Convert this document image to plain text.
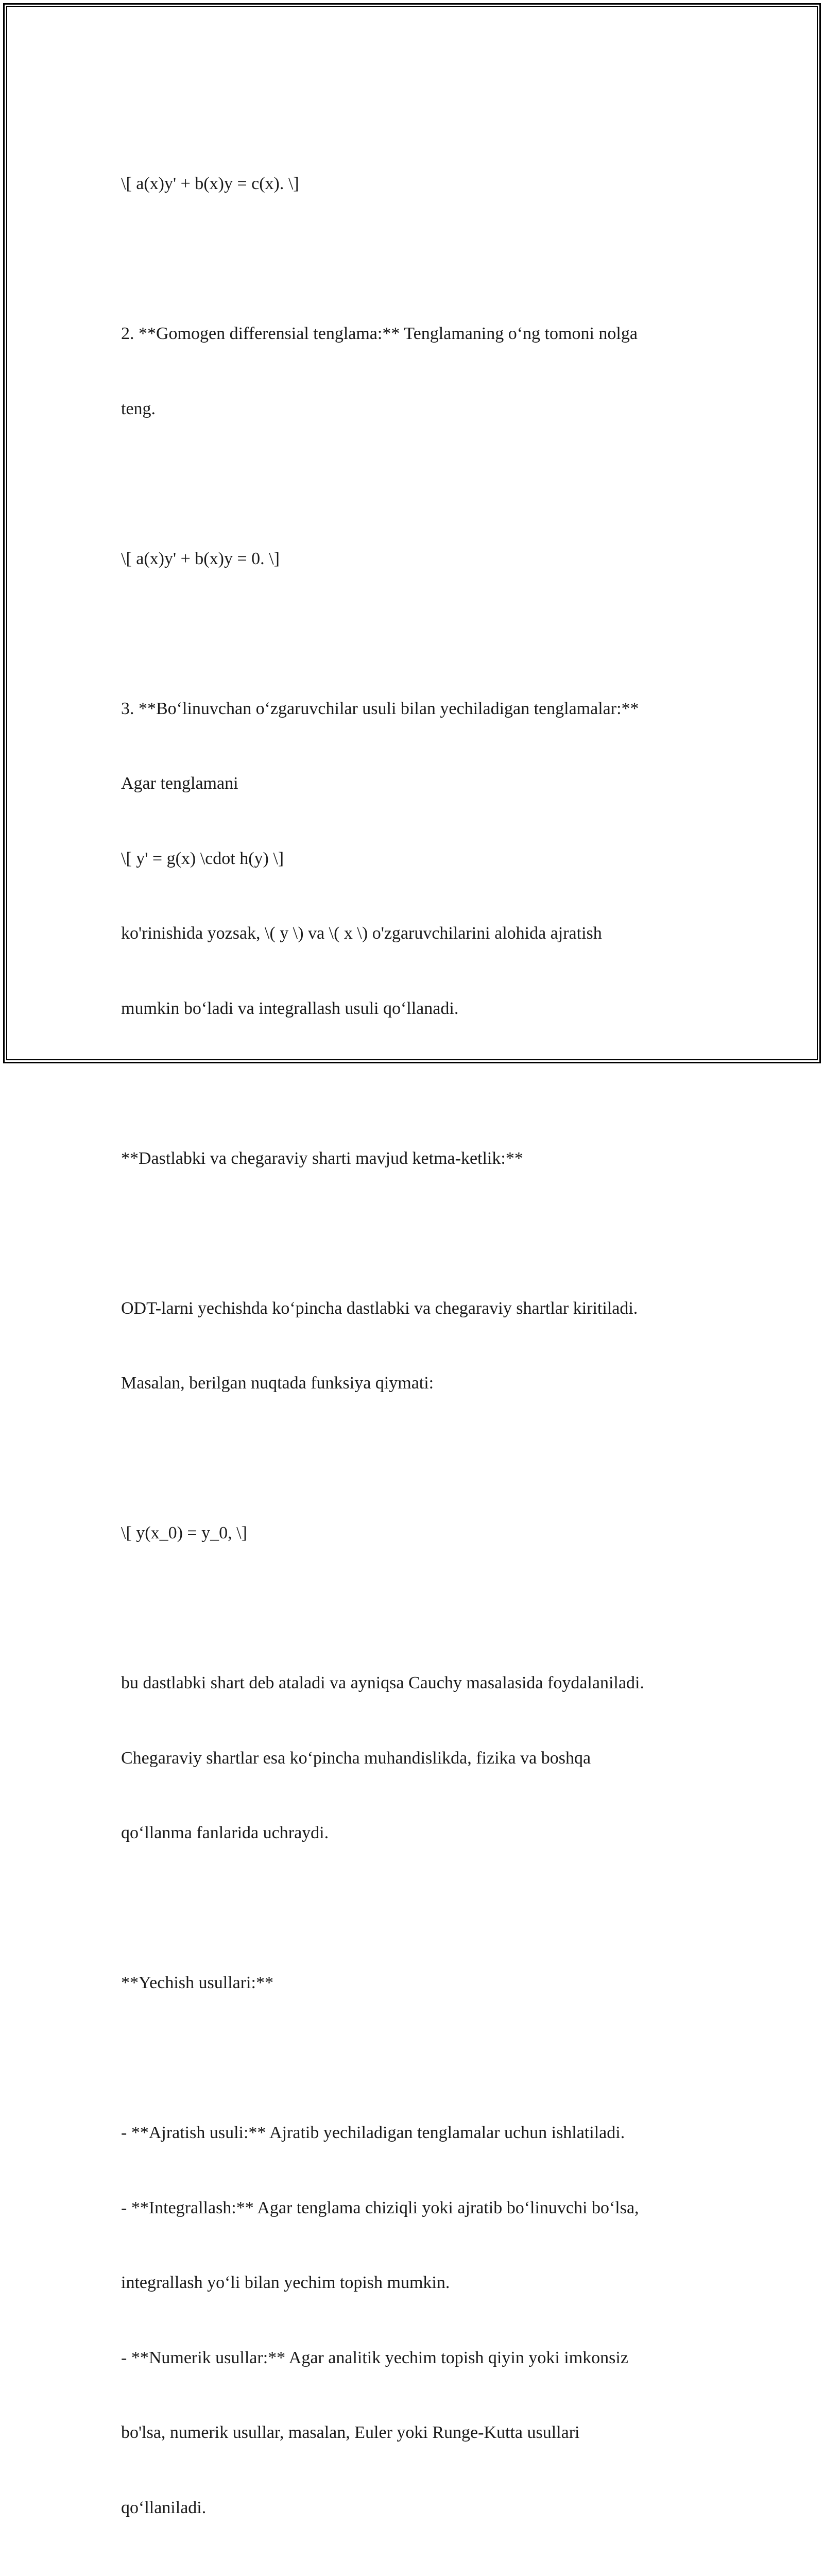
\[ a(x)y' + b(x)y = c(x). \]

2. **Gomogen differensial tenglama:** Tenglamaning o‘ng tomoni nolga

teng.

\[ a(x)y' + b(x)y = 0. \]

3. **Bo‘linuvchan o‘zgaruvchilar usuli bilan yechiladigan tenglamalar:**

Agar tenglamani

\[ y' = g(x) \cdot h(y) \]

ko'rinishida yozsak, \( y \) va \( x \) o'zgaruvchilarini alohida ajratish

mumkin bo‘ladi va integrallash usuli qo‘llanadi.

**Dastlabki va chegaraviy sharti mavjud ketma-ketlik:**

ODT-larni yechishda ko‘pincha dastlabki va chegaraviy shartlar kiritiladi.

Masalan, berilgan nuqtada funksiya qiymati:

\[ y(x_0) = y_0, \]

bu dastlabki shart deb ataladi va ayniqsa Cauchy masalasida foydalaniladi.

Chegaraviy shartlar esa ko‘pincha muhandislikda, fizika va boshqa

qo‘llanma fanlarida uchraydi.

**Yechish usullari:**

- **Ajratish usuli:** Ajratib yechiladigan tenglamalar uchun ishlatiladi.

- **Integrallash:** Agar tenglama chiziqli yoki ajratib bo‘linuvchi bo‘lsa,

integrallash yo‘li bilan yechim topish mumkin.

- **Numerik usullar:** Agar analitik yechim topish qiyin yoki imkonsiz

bo'lsa, numerik usullar, masalan, Euler yoki Runge-Kutta usullari

qo‘llaniladi.
